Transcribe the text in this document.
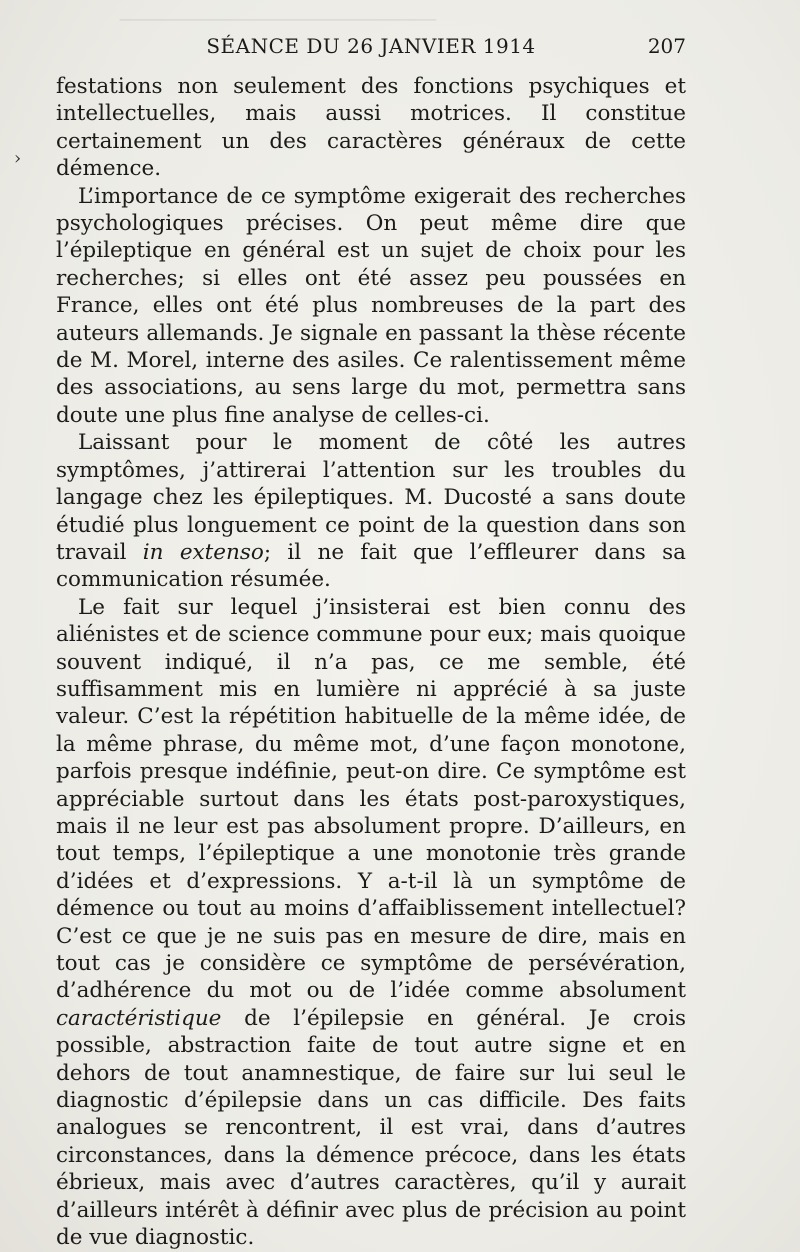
─────────────────────────
SÉANCE DU 26 JANVIER 1914	207
›

festations non seulement des fonctions psychiques et intellectuelles, mais aussi motrices. Il constitue certainement un des caractères généraux de cette démence.

L’importance de ce symptôme exigerait des recherches psychologiques précises. On peut même dire que l’épileptique en général est un sujet de choix pour les recherches; si elles ont été assez peu poussées en France, elles ont été plus nombreuses de la part des auteurs allemands. Je signale en passant la thèse récente de M. Morel, interne des asiles. Ce ralentissement même des associations, au sens large du mot, permettra sans doute une plus fine analyse de celles-ci.

Laissant pour le moment de côté les autres symptômes, j’attirerai l’attention sur les troubles du langage chez les épileptiques. M. Ducosté a sans doute étudié plus longuement ce point de la question dans son travail in extenso; il ne fait que l’effleurer dans sa communication résumée.

Le fait sur lequel j’insisterai est bien connu des aliénistes et de science commune pour eux; mais quoique souvent indiqué, il n’a pas, ce me semble, été suffisamment mis en lumière ni apprécié à sa juste valeur. C’est la répétition habituelle de la même idée, de la même phrase, du même mot, d’une façon monotone, parfois presque indéfinie, peut-on dire. Ce symptôme est appréciable surtout dans les états post-paroxystiques, mais il ne leur est pas absolument propre. D’ailleurs, en tout temps, l’épileptique a une monotonie très grande d’idées et d’expressions. Y a-t-il là un symptôme de démence ou tout au moins d’affaiblissement intellectuel? C’est ce que je ne suis pas en mesure de dire, mais en tout cas je considère ce symptôme de persévération, d’adhérence du mot ou de l’idée comme absolument caractéristique de l’épilepsie en général. Je crois possible, abstraction faite de tout autre signe et en dehors de tout anamnestique, de faire sur lui seul le diagnostic d’épilepsie dans un cas difficile. Des faits analogues se rencontrent, il est vrai, dans d’autres circonstances, dans la démence précoce, dans les états ébrieux, mais avec d’autres caractères, qu’il y aurait d’ailleurs intérêt à définir avec plus de précision au point de vue diagnostic.
